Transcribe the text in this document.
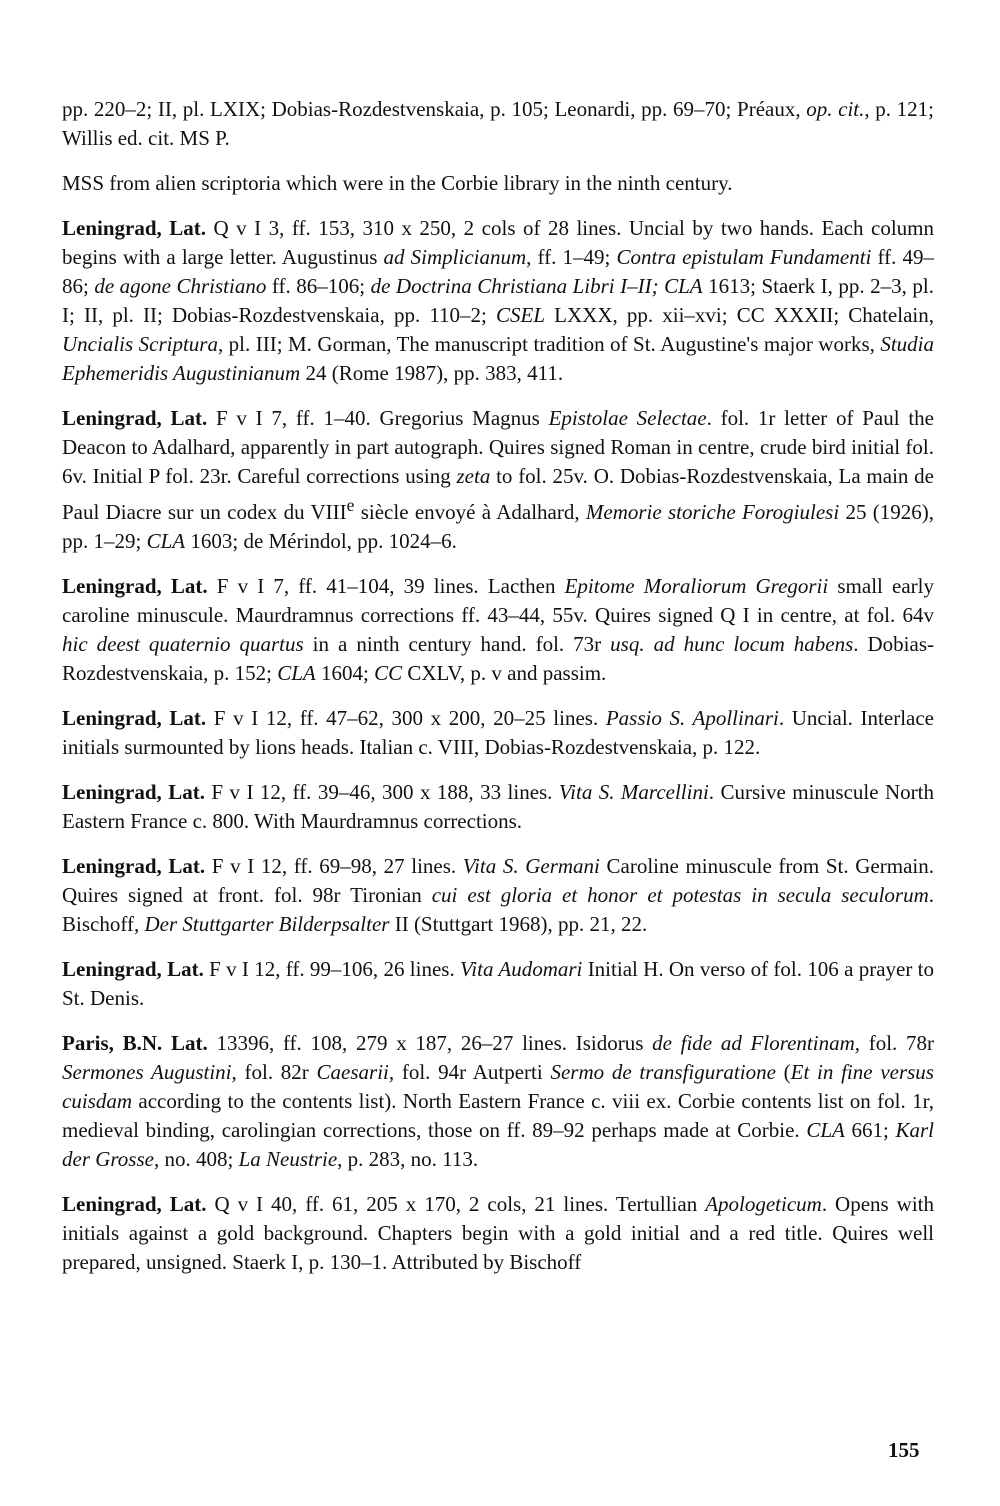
pp. 220–2; II, pl. LXIX; Dobias-Rozdestvenskaia, p. 105; Leonardi, pp. 69–70; Préaux, op. cit., p. 121; Willis ed. cit. MS P.

MSS from alien scriptoria which were in the Corbie library in the ninth century.

Leningrad, Lat. Q v I 3, ff. 153, 310 x 250, 2 cols of 28 lines. Uncial by two hands. Each column begins with a large letter. Augustinus ad Simplicianum, ff. 1–49; Contra epistulam Fundamenti ff. 49–86; de agone Christiano ff. 86–106; de Doctrina Christiana Libri I–II; CLA 1613; Staerk I, pp. 2–3, pl. I; II, pl. II; Dobias-Rozdestvenskaia, pp. 110–2; CSEL LXXX, pp. xii–xvi; CC XXXII; Chatelain, Uncialis Scriptura, pl. III; M. Gorman, The manuscript tradition of St. Augustine's major works, Studia Ephemeridis Augustinianum 24 (Rome 1987), pp. 383, 411.

Leningrad, Lat. F v I 7, ff. 1–40. Gregorius Magnus Epistolae Selectae. fol. 1r letter of Paul the Deacon to Adalhard, apparently in part autograph. Quires signed Roman in centre, crude bird initial fol. 6v. Initial P fol. 23r. Careful corrections using zeta to fol. 25v. O. Dobias-Rozdestvenskaia, La main de Paul Diacre sur un codex du VIIIe siècle envoyé à Adalhard, Memorie storiche Forogiulesi 25 (1926), pp. 1–29; CLA 1603; de Mérindol, pp. 1024–6.

Leningrad, Lat. F v I 7, ff. 41–104, 39 lines. Lacthen Epitome Moraliorum Gregorii small early caroline minuscule. Maurdramnus corrections ff. 43–44, 55v. Quires signed Q I in centre, at fol. 64v hic deest quaternio quartus in a ninth century hand. fol. 73r usq. ad hunc locum habens. Dobias-Rozdestvenskaia, p. 152; CLA 1604; CC CXLV, p. v and passim.

Leningrad, Lat. F v I 12, ff. 47–62, 300 x 200, 20–25 lines. Passio S. Apollinari. Uncial. Interlace initials surmounted by lions heads. Italian c. VIII, Dobias-Rozdestvenskaia, p. 122.

Leningrad, Lat. F v I 12, ff. 39–46, 300 x 188, 33 lines. Vita S. Marcellini. Cursive minuscule North Eastern France c. 800. With Maurdramnus corrections.

Leningrad, Lat. F v I 12, ff. 69–98, 27 lines. Vita S. Germani Caroline minuscule from St. Germain. Quires signed at front. fol. 98r Tironian cui est gloria et honor et potestas in secula seculorum. Bischoff, Der Stuttgarter Bilderpsalter II (Stuttgart 1968), pp. 21, 22.

Leningrad, Lat. F v I 12, ff. 99–106, 26 lines. Vita Audomari Initial H. On verso of fol. 106 a prayer to St. Denis.

Paris, B.N. Lat. 13396, ff. 108, 279 x 187, 26–27 lines. Isidorus de fide ad Florentinam, fol. 78r Sermones Augustini, fol. 82r Caesarii, fol. 94r Autperti Sermo de transfiguratione (Et in fine versus cuisdam according to the contents list). North Eastern France c. viii ex. Corbie contents list on fol. 1r, medieval binding, carolingian corrections, those on ff. 89–92 perhaps made at Corbie. CLA 661; Karl der Grosse, no. 408; La Neustrie, p. 283, no. 113.

Leningrad, Lat. Q v I 40, ff. 61, 205 x 170, 2 cols, 21 lines. Tertullian Apologeticum. Opens with initials against a gold background. Chapters begin with a gold initial and a red title. Quires well prepared, unsigned. Staerk I, p. 130–1. Attributed by Bischoff

155
